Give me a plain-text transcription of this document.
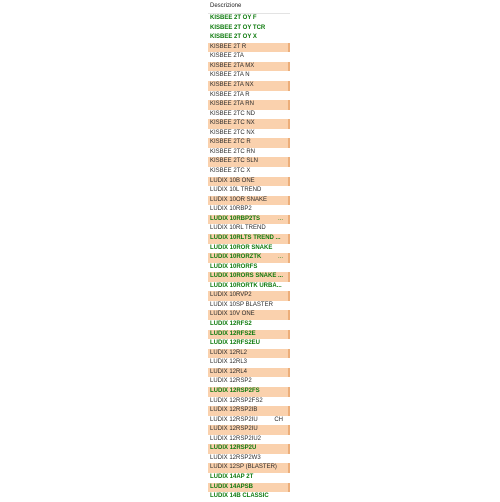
Descrizione
KISBEE 2T OY F
KISBEE 2T OY TCR
KISBEE 2T OY X
KISBEE 2T R
KISBEE 2TA
KISBEE 2TA MX
KISBEE 2TA N
KISBEE 2TA NX
KISBEE 2TA R
KISBEE 2TA RN
KISBEE 2TC ND
KISBEE 2TC NX
KISBEE 2TC NX
KISBEE 2TC R
KISBEE 2TC RN
KISBEE 2TC SLN
KISBEE 2TC X
LUDIX 10B ONE
LUDIX 10L TREND
LUDIX 10OR SNAKE
LUDIX 10RBP2
LUDIX 10RBP2TS	...
LUDIX 10RL TREND
LUDIX 10RLTS TREND ...
LUDIX 10ROR SNAKE
LUDIX 10RORZTK	...
LUDIX 10RORFS
LUDIX 10RORS SNAKE ...
LUDIX 10RORTK URBA...
LUDIX 10RVP2
LUDIX 10SP BLASTER
LUDIX 10V ONE
LUDIX 12RFS2
LUDIX 12RFS2E
LUDIX 12RFS2EU
LUDIX 12RL2
LUDIX 12RL3
LUDIX 12RL4
LUDIX 12RSP2
LUDIX 12RSP2FS
LUDIX 12RSP2FS2
LUDIX 12RSP2IB
LUDIX 12RSP2IU	CH
LUDIX 12RSP2IU
LUDIX 12RSP2IU2
LUDIX 12RSP2U
LUDIX 12RSP2W3
LUDIX 12SP (BLASTER)
LUDIX 14AP 2T
LUDIX 14APSB
LUDIX 14B CLASSIC
